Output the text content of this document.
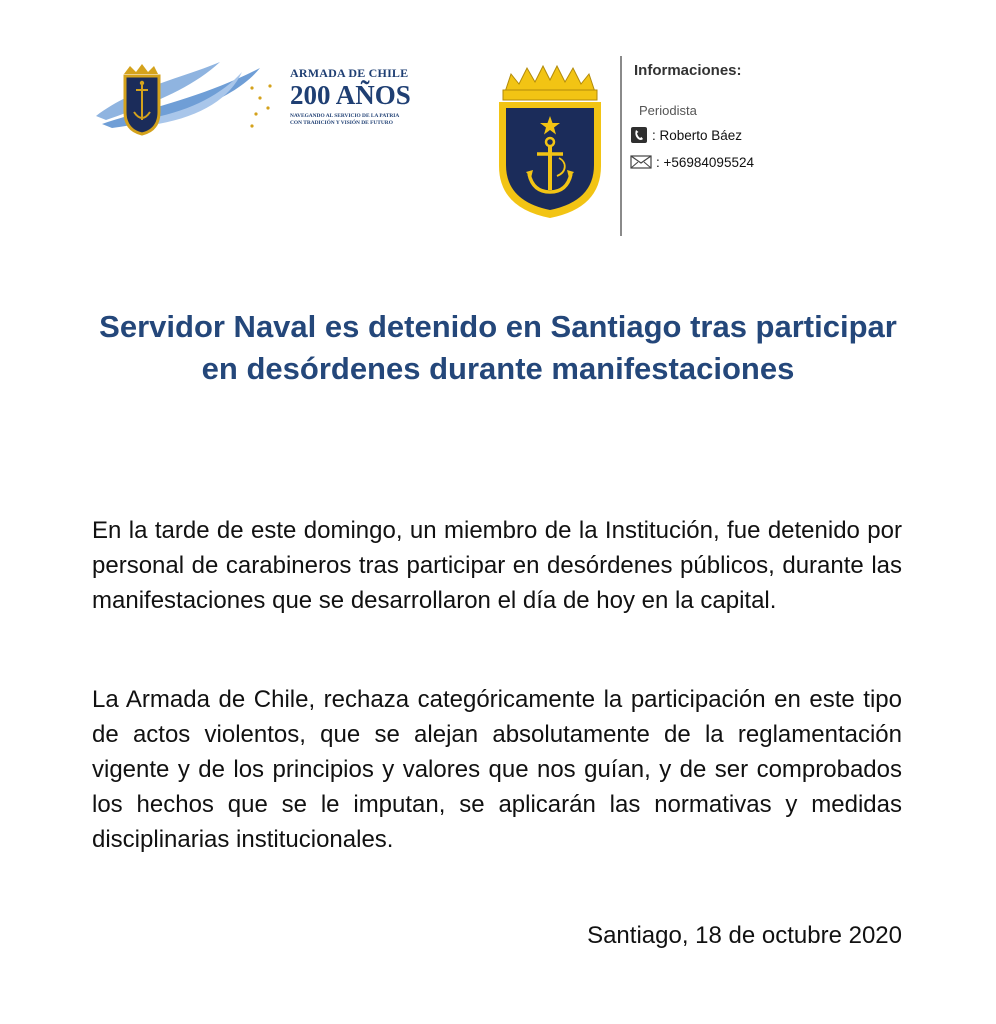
ARMADA DE CHILE
200 AÑOS
NAVEGANDO AL SERVICIO DE LA PATRIA
CON TRADICIÓN Y VISIÓN DE FUTURO
Informaciones:
Periodista
: Roberto Báez
: +56984095524
Servidor Naval es detenido en Santiago tras participar en desórdenes durante manifestaciones

En la tarde de este domingo, un miembro de la Institución, fue detenido por personal de carabineros tras participar en desórdenes públicos, durante las manifestaciones que se desarrollaron el día de hoy en la capital.

La Armada de Chile, rechaza categóricamente la participación en este tipo de actos violentos, que se alejan absolutamente de la reglamentación vigente y de los principios y valores que nos guían, y de ser comprobados los hechos que se le imputan, se aplicarán las normativas y medidas disciplinarias institucionales.

Santiago, 18 de octubre 2020
